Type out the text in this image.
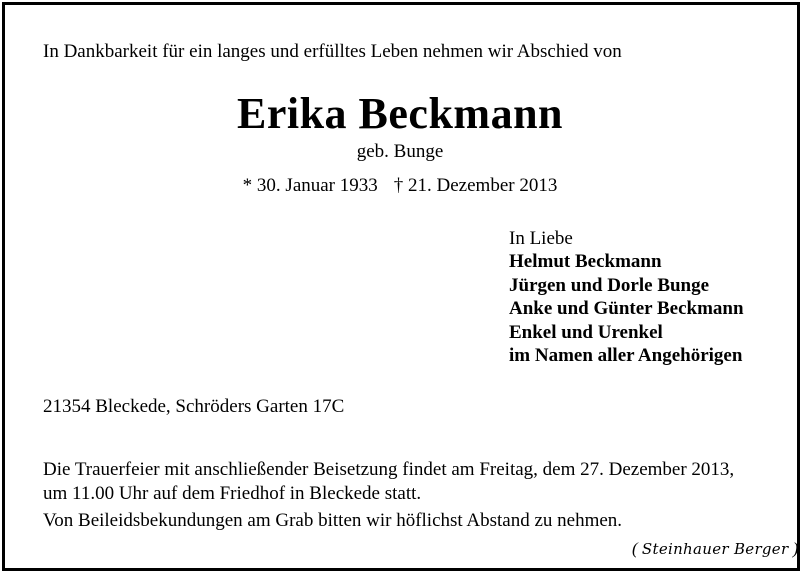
In Dankbarkeit für ein langes und erfülltes Leben nehmen wir Abschied von
Erika Beckmann
geb. Bunge
* 30. Januar 1933 † 21. Dezember 2013
In Liebe
Helmut Beckmann
Jürgen und Dorle Bunge
Anke und Günter Beckmann
Enkel und Urenkel
im Namen aller Angehörigen
21354 Bleckede, Schröders Garten 17C
Die Trauerfeier mit anschließender Beisetzung findet am Freitag, dem 27. Dezember 2013,
um 11.00 Uhr auf dem Friedhof in Bleckede statt.
Von Beileidsbekundungen am Grab bitten wir höflichst Abstand zu nehmen.
( Steinhauer Berger )
